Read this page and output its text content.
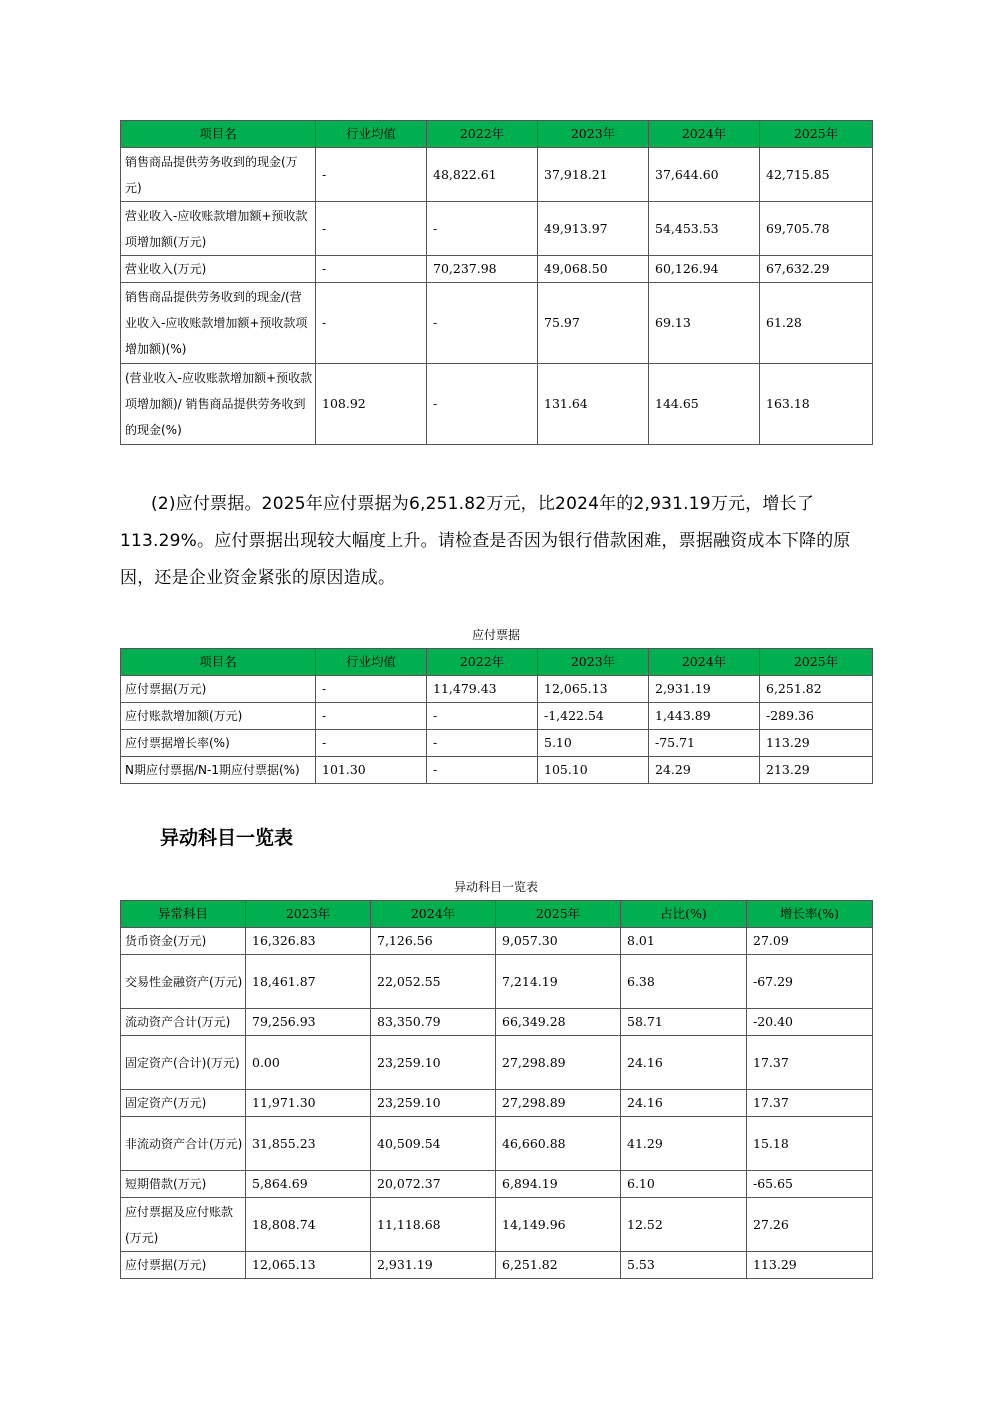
项目名	行业均值	2022年	2023年	2024年	2025年
销售商品提供劳务收到的现金(万元)	-	48,822.61	37,918.21	37,644.60	42,715.85
营业收入-应收账款增加额+预收款项增加额(万元)	-	-	49,913.97	54,453.53	69,705.78
营业收入(万元)	-	70,237.98	49,068.50	60,126.94	67,632.29
销售商品提供劳务收到的现金/(营业收入-应收账款增加额+预收款项增加额)(%)	-	-	75.97	69.13	61.28
(营业收入-应收账款增加额+预收款项增加额)/ 销售商品提供劳务收到的现金(%)	108.92	-	131.64	144.65	163.18

(2)应付票据。2025年应付票据为6,251.82万元，比2024年的2,931.19万元，增长了113.29%。应付票据出现较大幅度上升。请检查是否因为银行借款困难，票据融资成本下降的原因，还是企业资金紧张的原因造成。

应付票据
项目名	行业均值	2022年	2023年	2024年	2025年
应付票据(万元)	-	11,479.43	12,065.13	2,931.19	6,251.82
应付账款增加额(万元)	-	-	-1,422.54	1,443.89	-289.36
应付票据增长率(%)	-	-	5.10	-75.71	113.29
N期应付票据/N-1期应付票据(%)	101.30	-	105.10	24.29	213.29
异动科目一览表
异动科目一览表
异常科目	2023年	2024年	2025年	占比(%)	增长率(%)
货币资金(万元)	16,326.83	7,126.56	9,057.30	8.01	27.09
交易性金融资产(万元)	18,461.87	22,052.55	7,214.19	6.38	-67.29
流动资产合计(万元)	79,256.93	83,350.79	66,349.28	58.71	-20.40
固定资产(合计)(万元)	0.00	23,259.10	27,298.89	24.16	17.37
固定资产(万元)	11,971.30	23,259.10	27,298.89	24.16	17.37
非流动资产合计(万元)	31,855.23	40,509.54	46,660.88	41.29	15.18
短期借款(万元)	5,864.69	20,072.37	6,894.19	6.10	-65.65
应付票据及应付账款(万元)	18,808.74	11,118.68	14,149.96	12.52	27.26
应付票据(万元)	12,065.13	2,931.19	6,251.82	5.53	113.29
